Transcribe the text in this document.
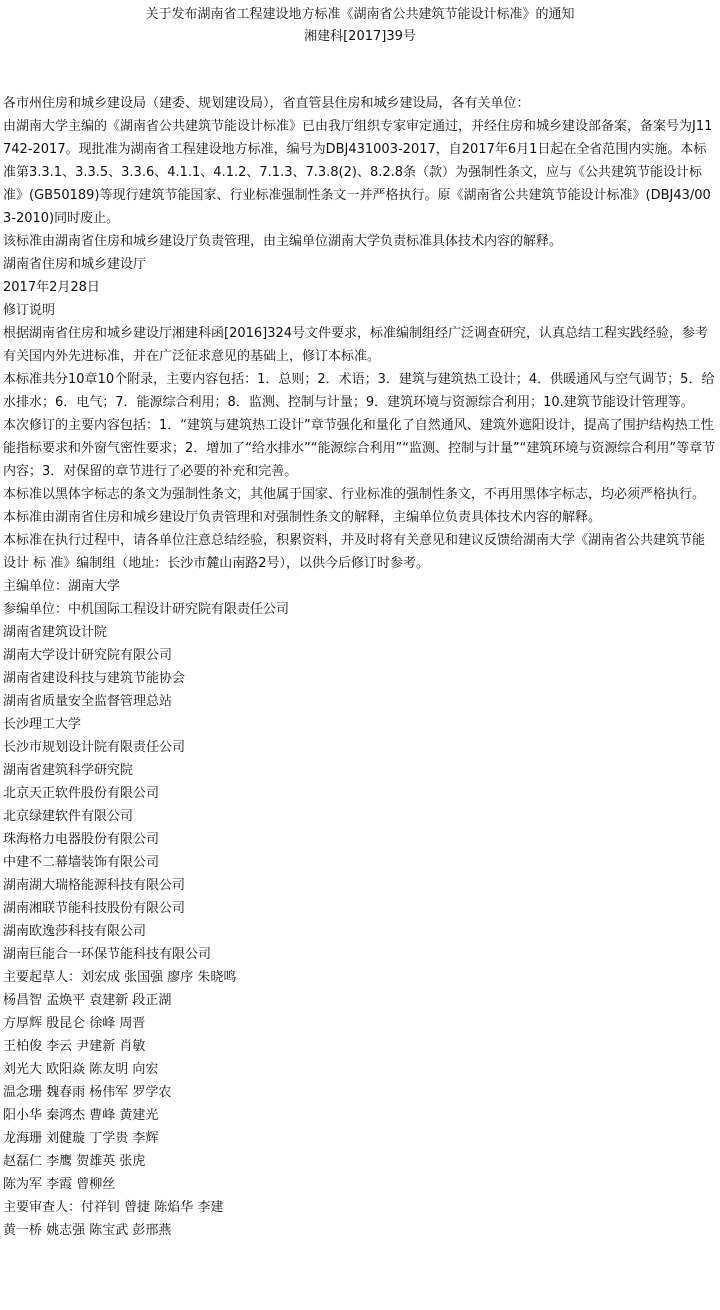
关于发布湖南省工程建设地方标准《湖南省公共建筑节能设计标准》的通知
湘建科[2017]39号
各市州住房和城乡建设局（建委、规划建设局），省直管县住房和城乡建设局，各有关单位：
由湖南大学主编的《湖南省公共建筑节能设计标准》已由我厅组织专家审定通过，并经住房和城乡建设部备案，备案号为J11742-2017。现批准为湖南省工程建设地方标准，编号为DBJ431003-2017，自2017年6月1日起在全省范围内实施。本标准第3.3.1、3.3.5、3.3.6、4.1.1、4.1.2、7.1.3、7.3.8(2)、8.2.8条（款）为强制性条文，应与《公共建筑节能设计标准》(GB50189)等现行建筑节能国家、行业标准强制性条文一并严格执行。原《湖南省公共建筑节能设计标准》(DBJ43/003-2010)同时废止。
该标准由湖南省住房和城乡建设厅负责管理，由主编单位湖南大学负责标准具体技术内容的解释。
湖南省住房和城乡建设厅
2017年2月28日
修订说明
根据湖南省住房和城乡建设厅湘建科函[2016]324号文件要求，标准编制组经广泛调查研究，认真总结工程实践经验，参考有关国内外先进标准，并在广泛征求意见的基础上，修订本标准。
本标准共分10章10个附录，主要内容包括：1．总则；2．术语；3．建筑与建筑热工设计；4．供暖通风与空气调节；5．给水排水；6．电气；7．能源综合利用；8．监测、控制与计量；9．建筑环境与资源综合利用；10.建筑节能设计管理等。
本次修订的主要内容包括：1．“建筑与建筑热工设计”章节强化和量化了自然通风、建筑外遮阳设计，提高了围护结构热工性能指标要求和外窗气密性要求；2．增加了“给水排水”“能源综合利用”“监测、控制与计量”“建筑环境与资源综合利用”等章节内容；3．对保留的章节进行了必要的补充和完善。
本标准以黑体字标志的条文为强制性条文，其他属于国家、行业标准的强制性条文，不再用黑体字标志，均必须严格执行。
本标准由湖南省住房和城乡建设厅负责管理和对强制性条文的解释，主编单位负责具体技术内容的解释。
本标准在执行过程中，请各单位注意总结经验，积累资料，并及时将有关意见和建议反馈给湖南大学《湖南省公共建筑节能设计 标 准》编制组（地址：长沙市麓山南路2号），以供今后修订时参考。
主编单位：湖南大学
参编单位：中机国际工程设计研究院有限责任公司
湖南省建筑设计院
湖南大学设计研究院有限公司
湖南省建设科技与建筑节能协会
湖南省质量安全监督管理总站
长沙理工大学
长沙市规划设计院有限责任公司
湖南省建筑科学研究院
北京天正软件股份有限公司
北京绿建软件有限公司
珠海格力电器股份有限公司
中建不二幕墙装饰有限公司
湖南湖大瑞格能源科技有限公司
湖南湘联节能科技股份有限公司
湖南欧逸莎科技有限公司
湖南巨能合一环保节能科技有限公司
主要起草人：刘宏成 张国强 廖序 朱晓鸣
杨昌智 孟焕平 袁建新 段正湖
方厚辉 殷昆仑 徐峰 周晋
王柏俊 李云 尹建新 肖敏
刘光大 欧阳焱 陈友明 向宏
温念珊 魏春雨 杨伟军 罗学农
阳小华 秦鸿杰 曹峰 黄建光
龙海珊 刘健璇 丁学贵 李辉
赵磊仁 李鹰 贺雄英 张虎
陈为军 李霞 曾柳丝
主要审查人：付祥钊 曾捷 陈焰华 李建
黄一桥 姚志强 陈宝武 彭邢燕
